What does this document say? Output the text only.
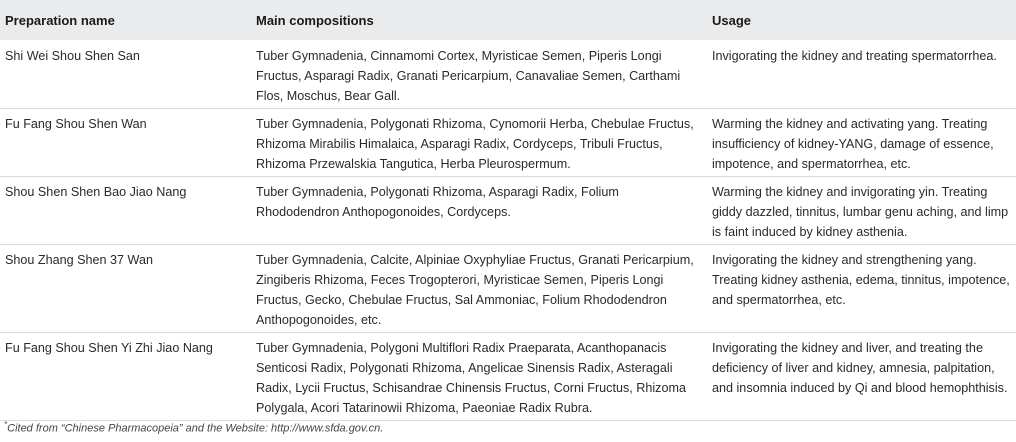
Preparation name	Main compositions	Usage
Shi Wei Shou Shen San	Tuber Gymnadenia, Cinnamomi Cortex, Myristicae Semen, Piperis Longi Fructus, Asparagi Radix, Granati Pericarpium, Canavaliae Semen, Carthami Flos, Moschus, Bear Gall.	Invigorating the kidney and treating spermatorrhea.
Fu Fang Shou Shen Wan	Tuber Gymnadenia, Polygonati Rhizoma, Cynomorii Herba, Chebulae Fructus, Rhizoma Mirabilis Himalaica, Asparagi Radix, Cordyceps, Tribuli Fructus, Rhizoma Przewalskia Tangutica, Herba Pleurospermum.	Warming the kidney and activating yang. Treating insufficiency of kidney-YANG, damage of essence, impotence, and spermatorrhea, etc.
Shou Shen Shen Bao Jiao Nang	Tuber Gymnadenia, Polygonati Rhizoma, Asparagi Radix, Folium Rhododendron Anthopogonoides, Cordyceps.	Warming the kidney and invigorating yin. Treating giddy dazzled, tinnitus, lumbar genu aching, and limp is faint induced by kidney asthenia.
Shou Zhang Shen 37 Wan	Tuber Gymnadenia, Calcite, Alpiniae Oxyphyliae Fructus, Granati Pericarpium, Zingiberis Rhizoma, Feces Trogopterori, Myristicae Semen, Piperis Longi Fructus, Gecko, Chebulae Fructus, Sal Ammoniac, Folium Rhododendron Anthopogonoides, etc.	Invigorating the kidney and strengthening yang. Treating kidney asthenia, edema, tinnitus, impotence, and spermatorrhea, etc.
Fu Fang Shou Shen Yi Zhi Jiao Nang	Tuber Gymnadenia, Polygoni Multiflori Radix Praeparata, Acanthopanacis Senticosi Radix, Polygonati Rhizoma, Angelicae Sinensis Radix, Asteragali Radix, Lycii Fructus, Schisandrae Chinensis Fructus, Corni Fructus, Rhizoma Polygala, Acori Tatarinowii Rhizoma, Paeoniae Radix Rubra.	Invigorating the kidney and liver, and treating the deficiency of liver and kidney, amnesia, palpitation, and insomnia induced by Qi and blood hemophthisis.
*Cited from “Chinese Pharmacopeia” and the Website: http://www.sfda.gov.cn.
